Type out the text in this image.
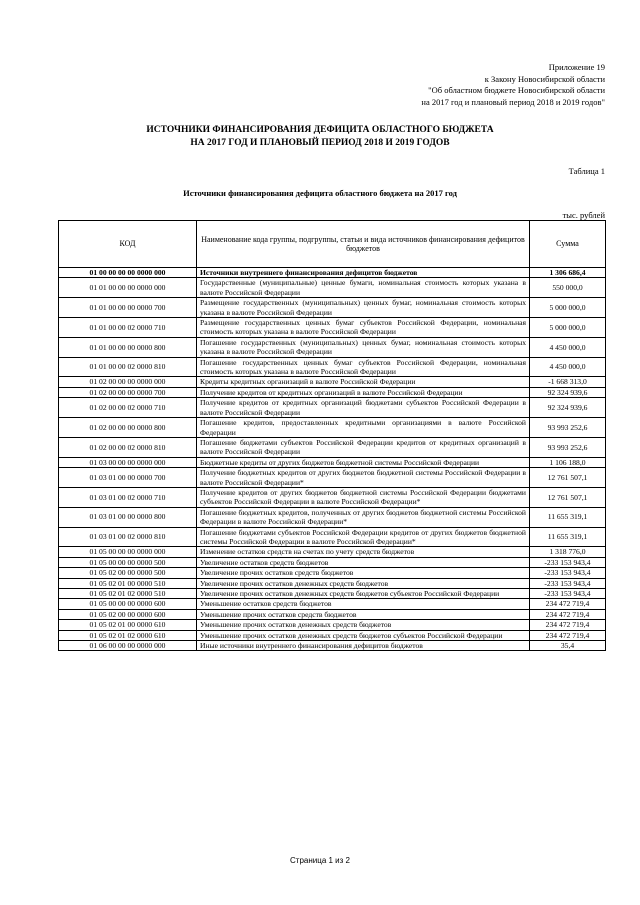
Приложение 19
к Закону Новосибирской области
"Об областном бюджете Новосибирской области
на 2017 год и плановый период 2018 и 2019 годов"
ИСТОЧНИКИ ФИНАНСИРОВАНИЯ ДЕФИЦИТА ОБЛАСТНОГО БЮДЖЕТА
НА 2017 ГОД И ПЛАНОВЫЙ ПЕРИОД 2018 И 2019 ГОДОВ
Таблица 1
Источники финансирования дефицита областного бюджета на 2017 год
тыс. рублей
КОД	Наименование кода группы, подгруппы, статьи и вида источников финансирования дефицитов бюджетов	Сумма
01 00 00 00 00 0000 000	Источники внутреннего финансирования дефицитов бюджетов	1 306 686,4
01 01 00 00 00 0000 000	Государственные (муниципальные) ценные бумаги, номинальная стоимость которых указана в валюте Российской Федерации	550 000,0
01 01 00 00 00 0000 700	Размещение государственных (муниципальных) ценных бумаг, номинальная стоимость которых указана в валюте Российской Федерации	5 000 000,0
01 01 00 00 02 0000 710	Размещение государственных ценных бумаг субъектов Российской Федерации, номинальная стоимость которых указана в валюте Российской Федерации	5 000 000,0
01 01 00 00 00 0000 800	Погашение государственных (муниципальных) ценных бумаг, номинальная стоимость которых указана в валюте Российской Федерации	4 450 000,0
01 01 00 00 02 0000 810	Погашение государственных ценных бумаг субъектов Российской Федерации, номинальная стоимость которых указана в валюте Российской Федерации	4 450 000,0
01 02 00 00 00 0000 000	Кредиты кредитных организаций в валюте Российской Федерации	-1 668 313,0
01 02 00 00 00 0000 700	Получение кредитов от кредитных организаций в валюте Российской Федерации	92 324 939,6
01 02 00 00 02 0000 710	Получение кредитов от кредитных организаций бюджетами субъектов Российской Федерации в валюте Российской Федерации	92 324 939,6
01 02 00 00 00 0000 800	Погашение кредитов, предоставленных кредитными организациями в валюте Российской Федерации	93 993 252,6
01 02 00 00 02 0000 810	Погашение бюджетами субъектов Российской Федерации кредитов от кредитных организаций в валюте Российской Федерации	93 993 252,6
01 03 00 00 00 0000 000	Бюджетные кредиты от других бюджетов бюджетной системы Российской Федерации	1 106 188,0
01 03 01 00 00 0000 700	Получение бюджетных кредитов от других бюджетов бюджетной системы Российской Федерации в валюте Российской Федерации*	12 761 507,1
01 03 01 00 02 0000 710	Получение кредитов от других бюджетов бюджетной системы Российской Федерации бюджетами субъектов Российской Федерации в валюте Российской Федерации*	12 761 507,1
01 03 01 00 00 0000 800	Погашение бюджетных кредитов, полученных от других бюджетов бюджетной системы Российской Федерации в валюте Российской Федерации*	11 655 319,1
01 03 01 00 02 0000 810	Погашение бюджетами субъектов Российской Федерации кредитов от других бюджетов бюджетной системы Российской Федерации в валюте Российской Федерации*	11 655 319,1
01 05 00 00 00 0000 000	Изменение остатков средств на счетах по учету средств бюджетов	1 318 776,0
01 05 00 00 00 0000 500	Увеличение остатков средств бюджетов	-233 153 943,4
01 05 02 00 00 0000 500	Увеличение прочих остатков средств бюджетов	-233 153 943,4
01 05 02 01 00 0000 510	Увеличение прочих остатков денежных средств бюджетов	-233 153 943,4
01 05 02 01 02 0000 510	Увеличение прочих остатков денежных средств бюджетов субъектов Российской Федерации	-233 153 943,4
01 05 00 00 00 0000 600	Уменьшение остатков средств бюджетов	234 472 719,4
01 05 02 00 00 0000 600	Уменьшение прочих остатков средств бюджетов	234 472 719,4
01 05 02 01 00 0000 610	Уменьшение прочих остатков денежных средств бюджетов	234 472 719,4
01 05 02 01 02 0000 610	Уменьшение прочих остатков денежных средств бюджетов субъектов Российской Федерации	234 472 719,4
01 06 00 00 00 0000 000	Иные источники внутреннего финансирования дефицитов бюджетов	35,4
Страница 1 из 2
